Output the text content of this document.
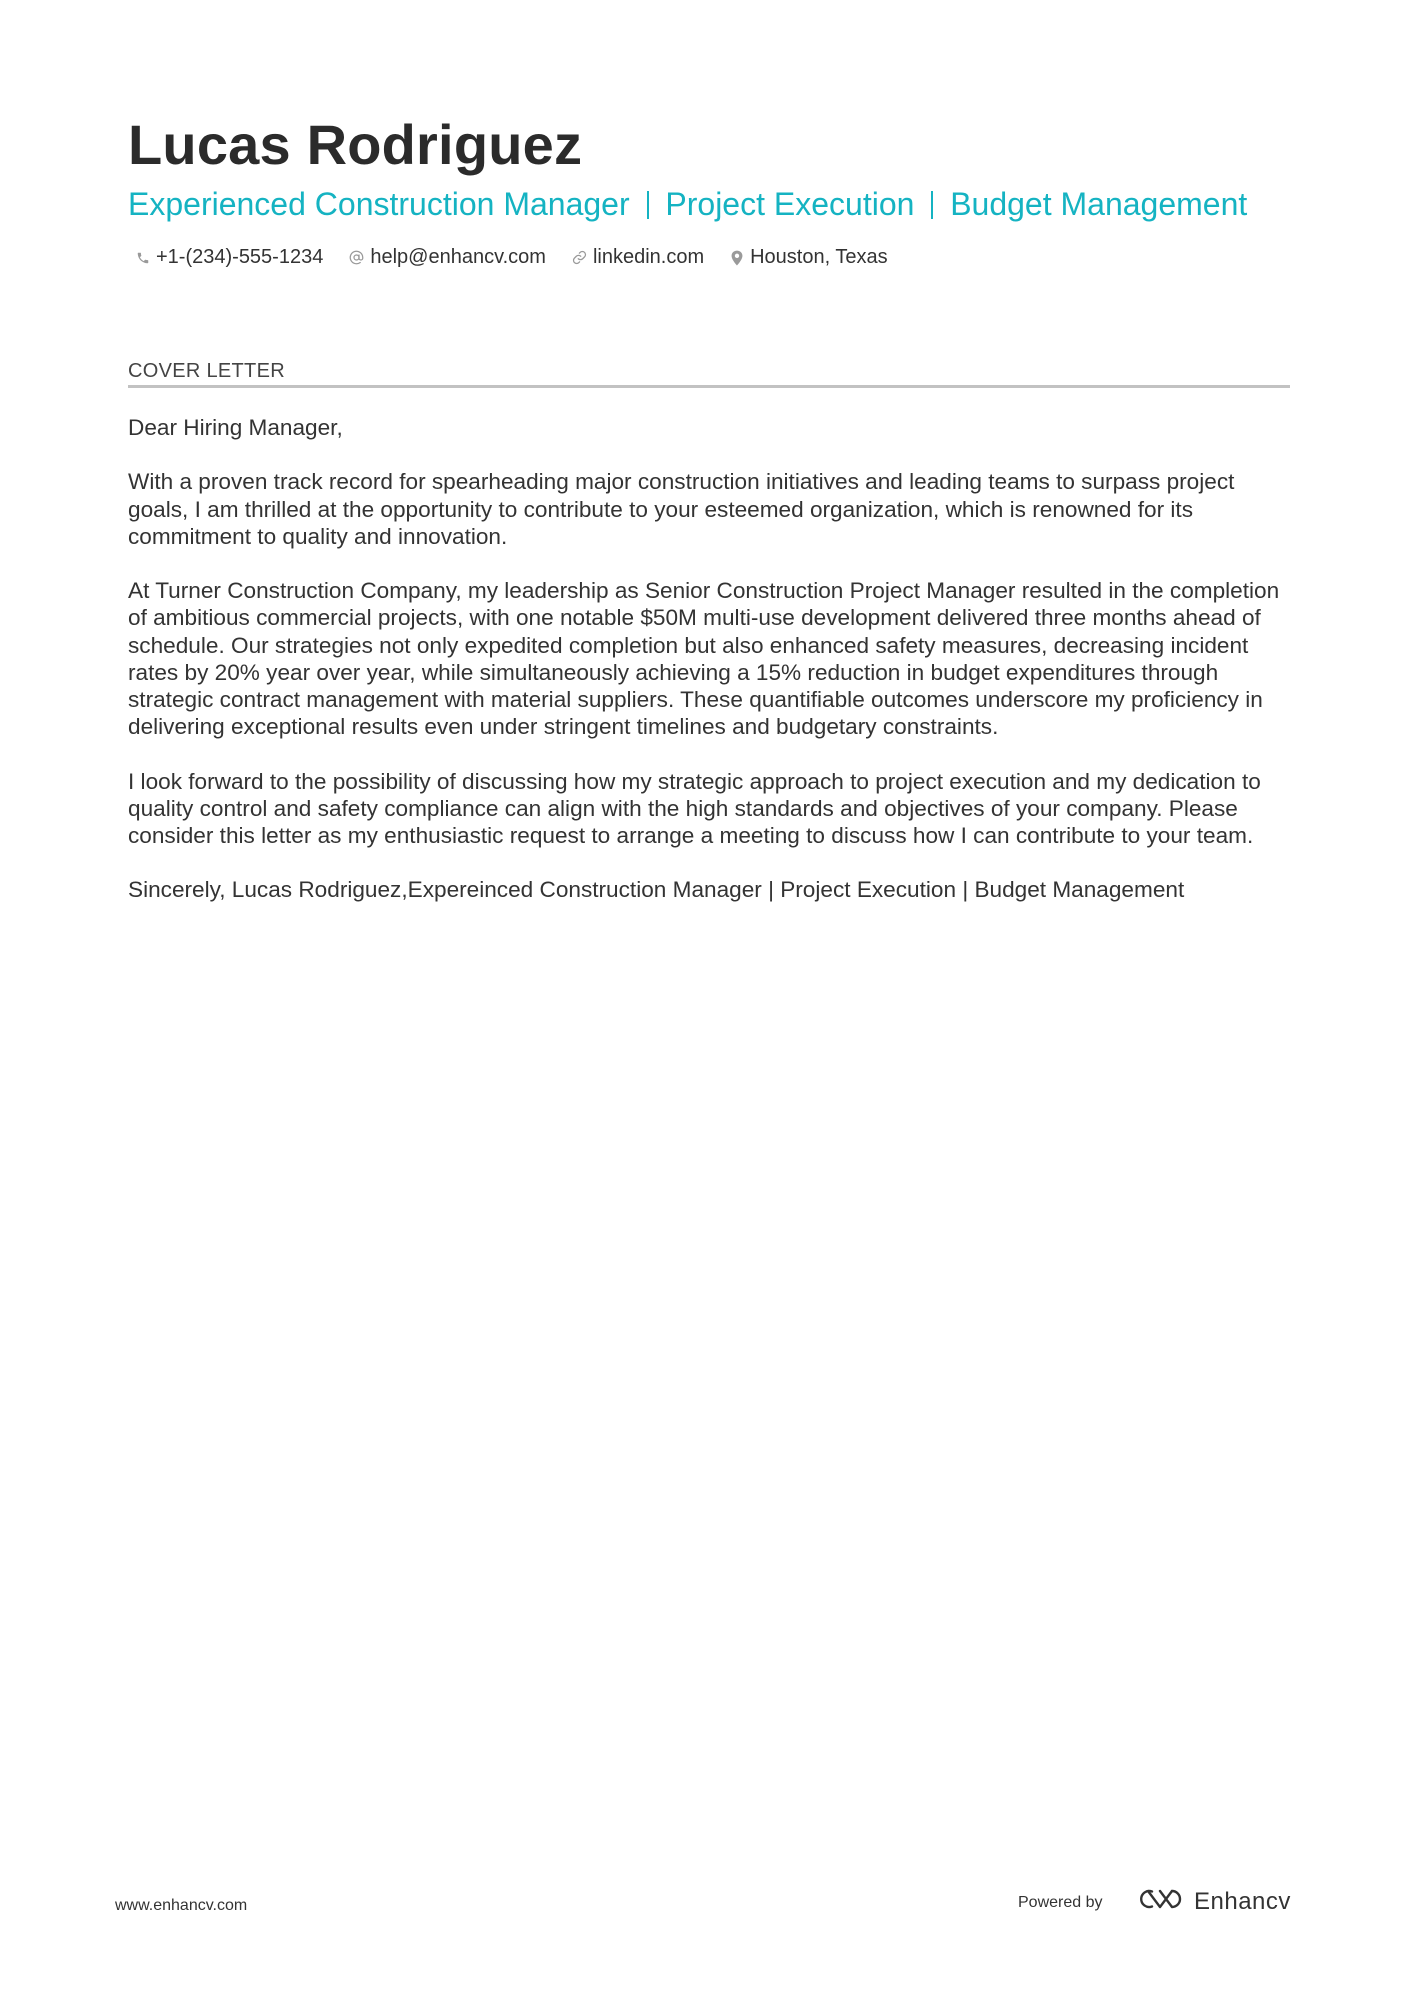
Lucas Rodriguez
Experienced Construction Manager Project Execution Budget Management
+1-(234)-555-1234 help@enhancv.com linkedin.com Houston, Texas
COVER LETTER

Dear Hiring Manager,

With a proven track record for spearheading major construction initiatives and leading teams to surpass project goals, I am thrilled at the opportunity to contribute to your esteemed organization, which is renowned for its commitment to quality and innovation.

At Turner Construction Company, my leadership as Senior Construction Project Manager resulted in the completion of ambitious commercial projects, with one notable $50M multi-use development delivered three months ahead of schedule. Our strategies not only expedited completion but also enhanced safety measures, decreasing incident rates by 20% year over year, while simultaneously achieving a 15% reduction in budget expenditures through strategic contract management with material suppliers. These quantifiable outcomes underscore my proficiency in delivering exceptional results even under stringent timelines and budgetary constraints.

I look forward to the possibility of discussing how my strategic approach to project execution and my dedication to quality control and safety compliance can align with the high standards and objectives of your company. Please consider this letter as my enthusiastic request to arrange a meeting to discuss how I can contribute to your team.

Sincerely, Lucas Rodriguez,Expereinced Construction Manager | Project Execution | Budget Management

www.enhancv.com	Powered by	Enhancv
